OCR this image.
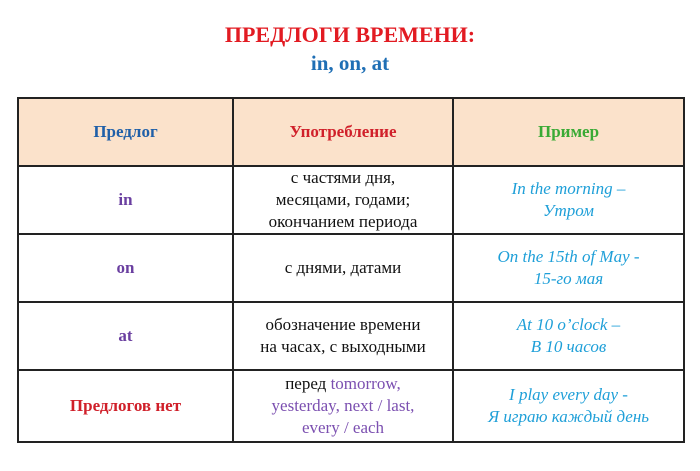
ПРЕДЛОГИ ВРЕМЕНИ:
in, on, at
Предлог	Употребление	Пример
in	с частями дня,
месяцами, годами;
окончанием периода	In the morning –
Утром

on	с днями, датами	On the 15th of May -
15-го мая

at	обозначение времени
на часах, с выходными	At 10 o’clock –
В 10 часов

Предлогов нет	перед tomorrow,
yesterday, next / last,
every / each	I play every day -
Я играю каждый день
